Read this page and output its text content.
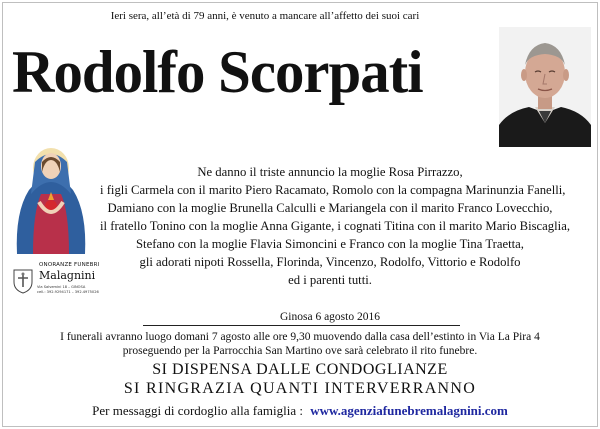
Ieri sera, all’età di 79 anni, è venuto a mancare all’affetto dei suoi cari
Rodolfo Scorpati
ONORANZE FUNEBRI
Malagnini
Via Salvemini 18 – GINOSA
cell.: 392.9294171 – 392.4975026
Ne danno il triste annuncio la moglie Rosa Pirrazzo,
i figli Carmela con il marito Piero Racamato, Romolo con la compagna Marinunzia Fanelli,
Damiano con la moglie Brunella Calculli e Mariangela con il marito Franco Lovecchio,
il fratello Tonino con la moglie Anna Gigante, i cognati Titina con il marito Mario Biscaglia,
Stefano con la moglie Flavia Simoncini e Franco con la moglie Tina Traetta,
gli adorati nipoti Rossella, Florinda, Vincenzo, Rodolfo, Vittorio e Rodolfo
ed i parenti tutti.
Ginosa 6 agosto 2016
I funerali avranno luogo domani 7 agosto alle ore 9,30 muovendo dalla casa dell’estinto in Via La Pira 4
proseguendo per la Parrocchia San Martino ove sarà celebrato il rito funebre.
SI DISPENSA DALLE CONDOGLIANZE
SI RINGRAZIA QUANTI INTERVERRANNO
Per messaggi di cordoglio alla famiglia : www.agenziafunebremalagnini.com
